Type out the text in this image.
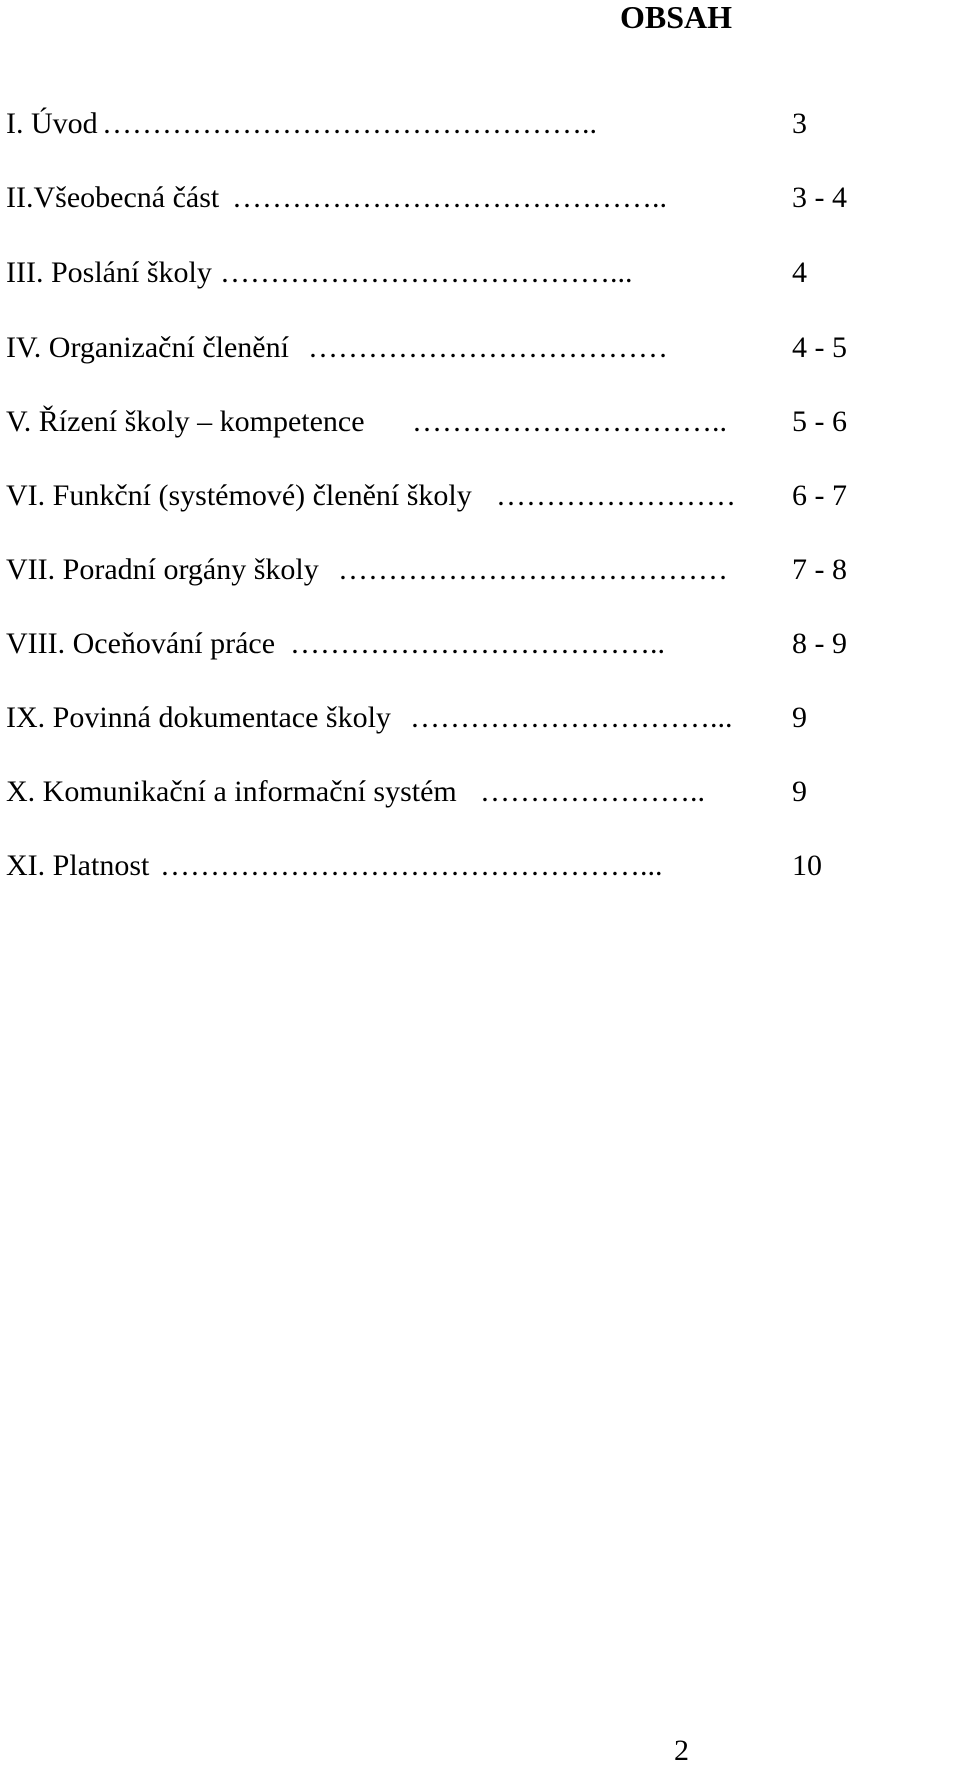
OBSAH
I. Úvod …………………………………………..	3
II.Všeobecná část ……………………………………..	3 - 4
III. Poslání školy …………………………………...	4
IV. Organizační členění ………………………………	4 - 5
V. Řízení školy – kompetence ………………………….. 5 - 6
VI. Funkční (systémové) členění školy …………………… 6 - 7
VII. Poradní orgány školy ………………………………… 7 - 8
VIII. Oceňování práce ………………………………..	8 - 9
IX. Povinná dokumentace školy …………………………... 9
X. Komunikační a informační systém …………………..	9
XI. Platnost …………………………………………...	10
2
